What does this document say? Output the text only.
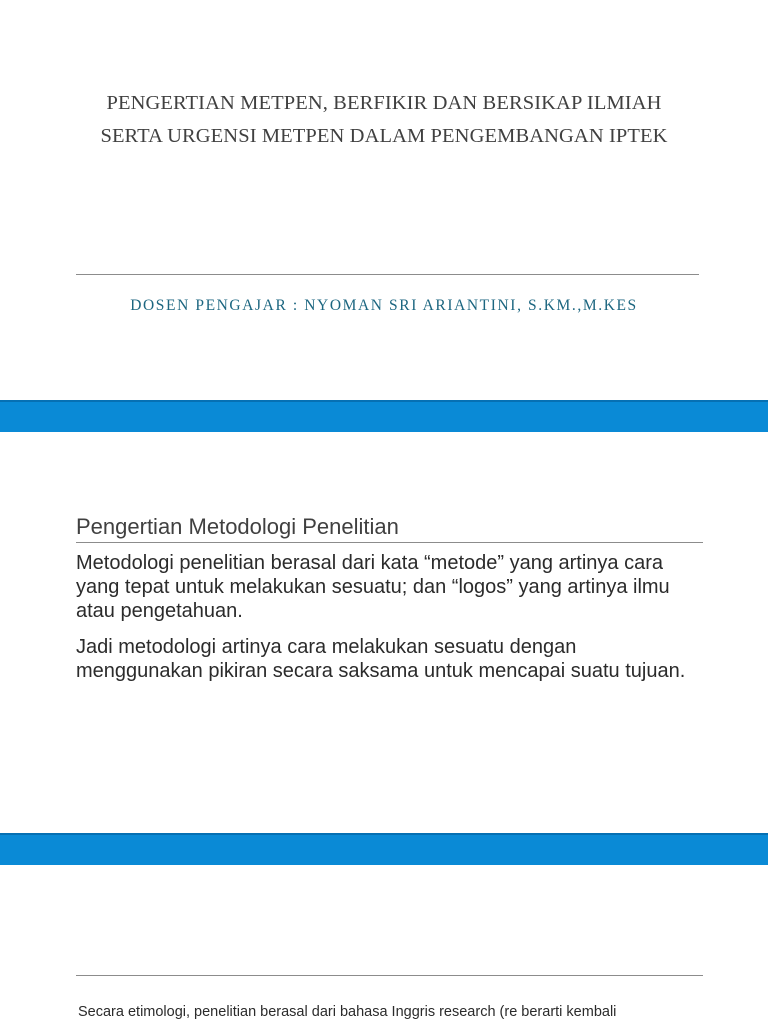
PENGERTIAN METPEN, BERFIKIR DAN BERSIKAP ILMIAH
SERTA URGENSI METPEN DALAM PENGEMBANGAN IPTEK
DOSEN PENGAJAR : NYOMAN SRI ARIANTINI, S.KM.,M.KES
Pengertian Metodologi Penelitian

Metodologi penelitian berasal dari kata “metode” yang artinya cara yang tepat untuk melakukan sesuatu; dan “logos” yang artinya ilmu atau pengetahuan.

Jadi metodologi artinya cara melakukan sesuatu dengan menggunakan pikiran secara saksama untuk mencapai suatu tujuan.

Secara etimologi, penelitian berasal dari bahasa Inggris research (re berarti kembali
